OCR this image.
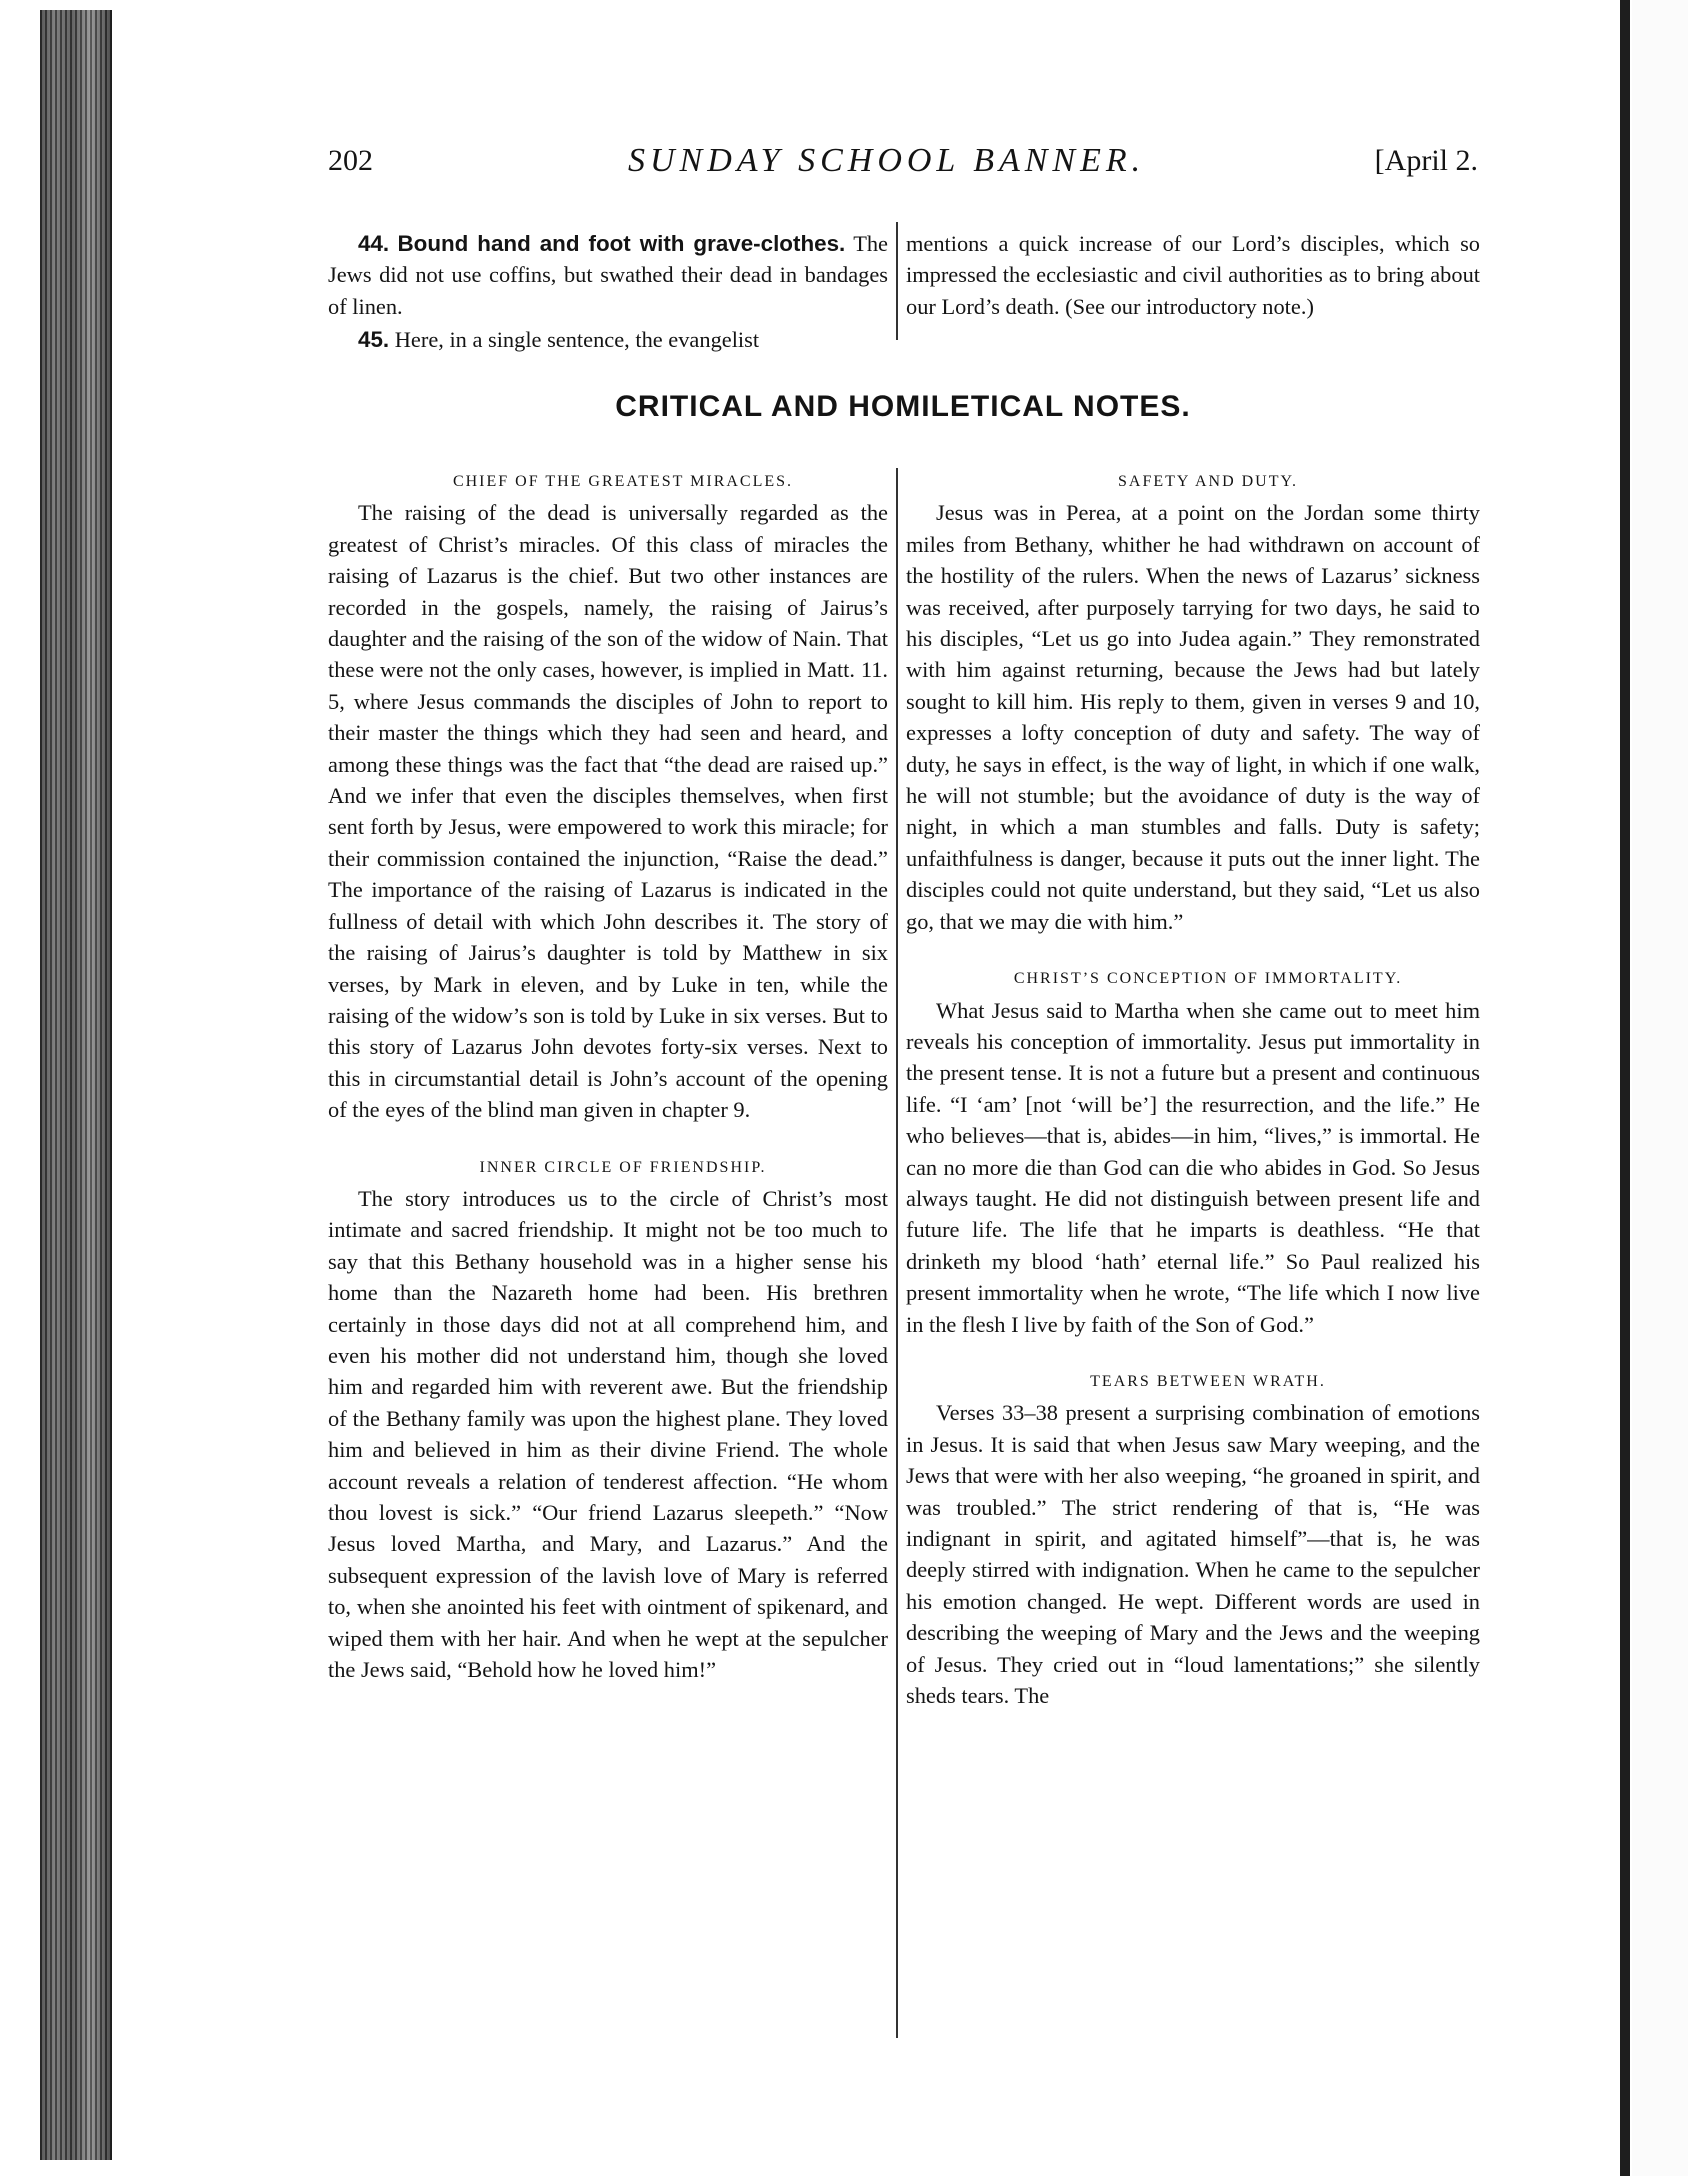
202	SUNDAY SCHOOL BANNER.	[April 2.

44. Bound hand and foot with grave-clothes. The Jews did not use coffins, but swathed their dead in bandages of linen.

45. Here, in a single sentence, the evangelist

mentions a quick increase of our Lord’s disciples, which so impressed the ecclesiastic and civil authorities as to bring about our Lord’s death. (See our introductory note.)

CRITICAL AND HOMILETICAL NOTES.

CHIEF OF THE GREATEST MIRACLES.

The raising of the dead is universally regarded as the greatest of Christ’s miracles. Of this class of miracles the raising of Lazarus is the chief. But two other instances are recorded in the gospels, namely, the raising of Jairus’s daughter and the raising of the son of the widow of Nain. That these were not the only cases, however, is implied in Matt. 11. 5, where Jesus commands the disciples of John to report to their master the things which they had seen and heard, and among these things was the fact that “the dead are raised up.” And we infer that even the disciples themselves, when first sent forth by Jesus, were empowered to work this miracle; for their commission contained the injunction, “Raise the dead.” The importance of the raising of Lazarus is indicated in the fullness of detail with which John describes it. The story of the raising of Jairus’s daughter is told by Matthew in six verses, by Mark in eleven, and by Luke in ten, while the raising of the widow’s son is told by Luke in six verses. But to this story of Lazarus John devotes forty-six verses. Next to this in circumstantial detail is John’s account of the opening of the eyes of the blind man given in chapter 9.

INNER CIRCLE OF FRIENDSHIP.

The story introduces us to the circle of Christ’s most intimate and sacred friendship. It might not be too much to say that this Bethany household was in a higher sense his home than the Nazareth home had been. His brethren certainly in those days did not at all comprehend him, and even his mother did not understand him, though she loved him and regarded him with reverent awe. But the friendship of the Bethany family was upon the highest plane. They loved him and believed in him as their divine Friend. The whole account reveals a relation of tenderest affection. “He whom thou lovest is sick.” “Our friend Lazarus sleepeth.” “Now Jesus loved Martha, and Mary, and Lazarus.” And the subsequent expression of the lavish love of Mary is referred to, when she anointed his feet with ointment of spikenard, and wiped them with her hair. And when he wept at the sepulcher the Jews said, “Behold how he loved him!”

SAFETY AND DUTY.

Jesus was in Perea, at a point on the Jordan some thirty miles from Bethany, whither he had withdrawn on account of the hostility of the rulers. When the news of Lazarus’ sickness was received, after purposely tarrying for two days, he said to his disciples, “Let us go into Judea again.” They remonstrated with him against returning, because the Jews had but lately sought to kill him. His reply to them, given in verses 9 and 10, expresses a lofty conception of duty and safety. The way of duty, he says in effect, is the way of light, in which if one walk, he will not stumble; but the avoidance of duty is the way of night, in which a man stumbles and falls. Duty is safety; unfaithfulness is danger, because it puts out the inner light. The disciples could not quite understand, but they said, “Let us also go, that we may die with him.”

CHRIST’S CONCEPTION OF IMMORTALITY.

What Jesus said to Martha when she came out to meet him reveals his conception of immortality. Jesus put immortality in the present tense. It is not a future but a present and continuous life. “I ‘am’ [not ‘will be’] the resurrection, and the life.” He who believes—that is, abides—in him, “lives,” is immortal. He can no more die than God can die who abides in God. So Jesus always taught. He did not distinguish between present life and future life. The life that he imparts is deathless. “He that drinketh my blood ‘hath’ eternal life.” So Paul realized his present immortality when he wrote, “The life which I now live in the flesh I live by faith of the Son of God.”

TEARS BETWEEN WRATH.

Verses 33–38 present a surprising combination of emotions in Jesus. It is said that when Jesus saw Mary weeping, and the Jews that were with her also weeping, “he groaned in spirit, and was troubled.” The strict rendering of that is, “He was indignant in spirit, and agitated himself”—that is, he was deeply stirred with indignation. When he came to the sepulcher his emotion changed. He wept. Different words are used in describing the weeping of Mary and the Jews and the weeping of Jesus. They cried out in “loud lamentations;” she silently sheds tears. The
